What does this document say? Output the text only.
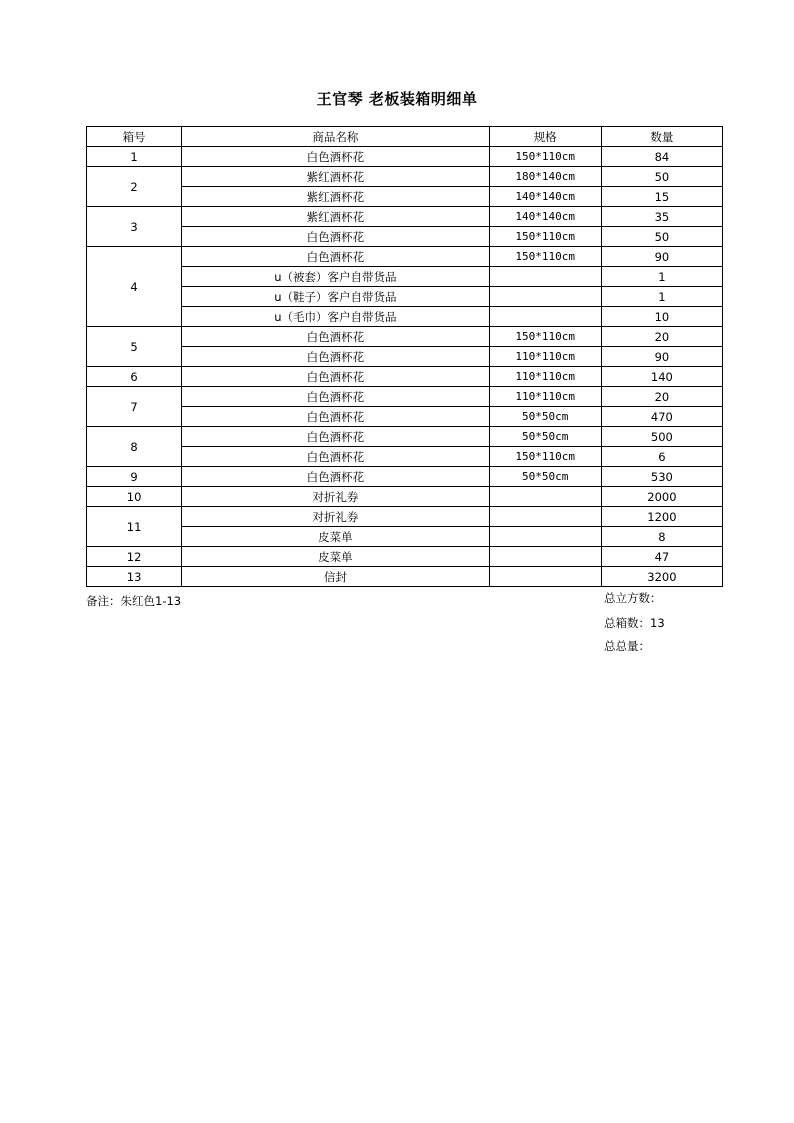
王官琴 老板装箱明细单
箱号	商品名称	规格	数量
1	白色酒杯花	150*110cm	84
2	紫红酒杯花	180*140cm	50
	紫红酒杯花	140*140cm	15
3	紫红酒杯花	140*140cm	35
	白色酒杯花	150*110cm	50
4	白色酒杯花	150*110cm	90
	u（被套）客户自带货品		1
	u（鞋子）客户自带货品		1
	u（毛巾）客户自带货品		10
5	白色酒杯花	150*110cm	20
	白色酒杯花	110*110cm	90
6	白色酒杯花	110*110cm	140
7	白色酒杯花	110*110cm	20
	白色酒杯花	50*50cm	470
8	白色酒杯花	50*50cm	500
	白色酒杯花	150*110cm	6
9	白色酒杯花	50*50cm	530
10	对折礼券		2000
11	对折礼券		1200
	皮菜单		8
12	皮菜单		47
13	信封		3200
备注：朱红色1-13	总立方数：
总箱数：13
总总量：
